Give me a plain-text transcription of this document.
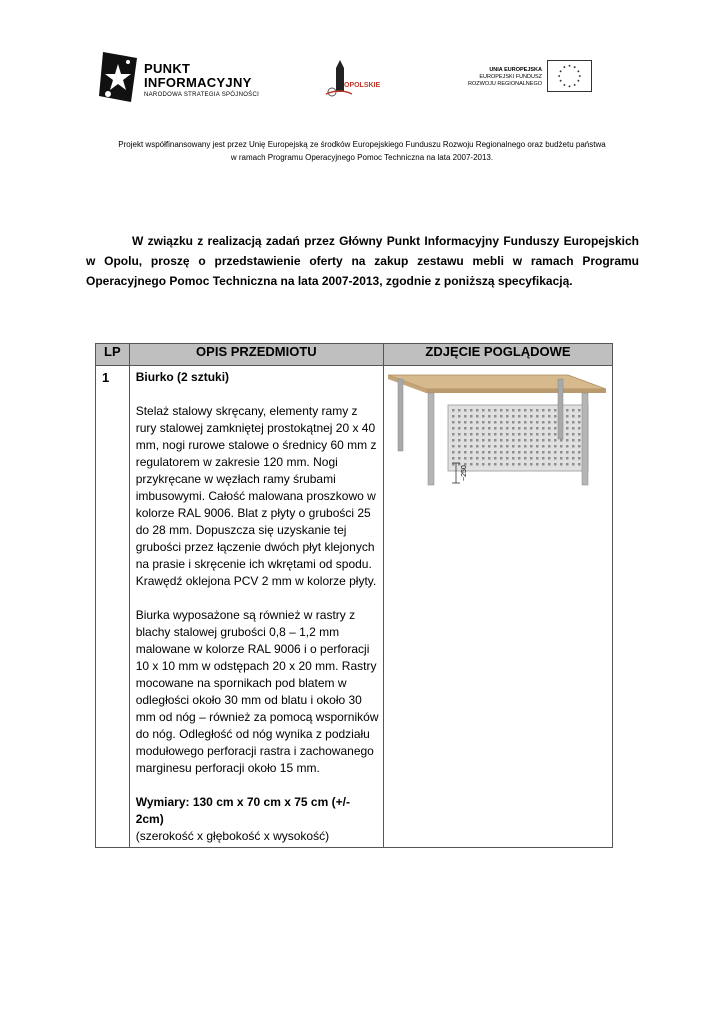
PUNKT
INFORMACYJNY
NARODOWA STRATEGIA SPÓJNOŚCI
OPOLSKIE
UNIA EUROPEJSKA
EUROPEJSKI FUNDUSZ
ROZWOJU REGIONALNEGO
Projekt współfinansowany jest przez Unię Europejską ze środków Europejskiego Funduszu Rozwoju Regionalnego oraz budżetu państwa
w ramach Programu Operacyjnego Pomoc Techniczna na lata 2007-2013.
W związku z realizacją zadań przez Główny Punkt Informacyjny Funduszy Europejskich
w Opolu, proszę o przedstawienie oferty na zakup zestawu mebli w ramach Programu
Operacyjnego Pomoc Techniczna na lata 2007-2013, zgodnie z poniższą specyfikacją.
LP	OPIS PRZEDMIOTU	ZDJĘCIE POGLĄDOWE
1	Biurko (2 sztuki)

Stelaż stalowy skręcany, elementy ramy z rury stalowej zamkniętej prostokątnej 20 x 40 mm, nogi rurowe stalowe o średnicy 60 mm z regulatorem w zakresie 120 mm. Nogi przykręcane w węzłach ramy śrubami imbusowymi. Całość malowana proszkowo w kolorze RAL 9006. Blat z płyty o grubości 25 do 28 mm. Dopuszcza się uzyskanie tej grubości przez łączenie dwóch płyt klejonych na prasie i skręcenie ich wkrętami od spodu. Krawędź oklejona PCV 2 mm w kolorze płyty.

Biurka wyposażone są również w rastry z blachy stalowej grubości 0,8 – 1,2 mm malowane w kolorze RAL 9006 i o perforacji 10 x 10 mm w odstępach 20 x 20 mm. Rastry mocowane na spornikach pod blatem w odległości około 30 mm od blatu i około 30 mm od nóg – również za pomocą wsporników do nóg. Odległość od nóg wynika z podziału modułowego perforacji rastra i zachowanego marginesu perforacji około 15 mm.

Wymiary: 130 cm x 70 cm x 75 cm (+/- 2cm)

(szerokość x głębokość x wysokość)	~250
